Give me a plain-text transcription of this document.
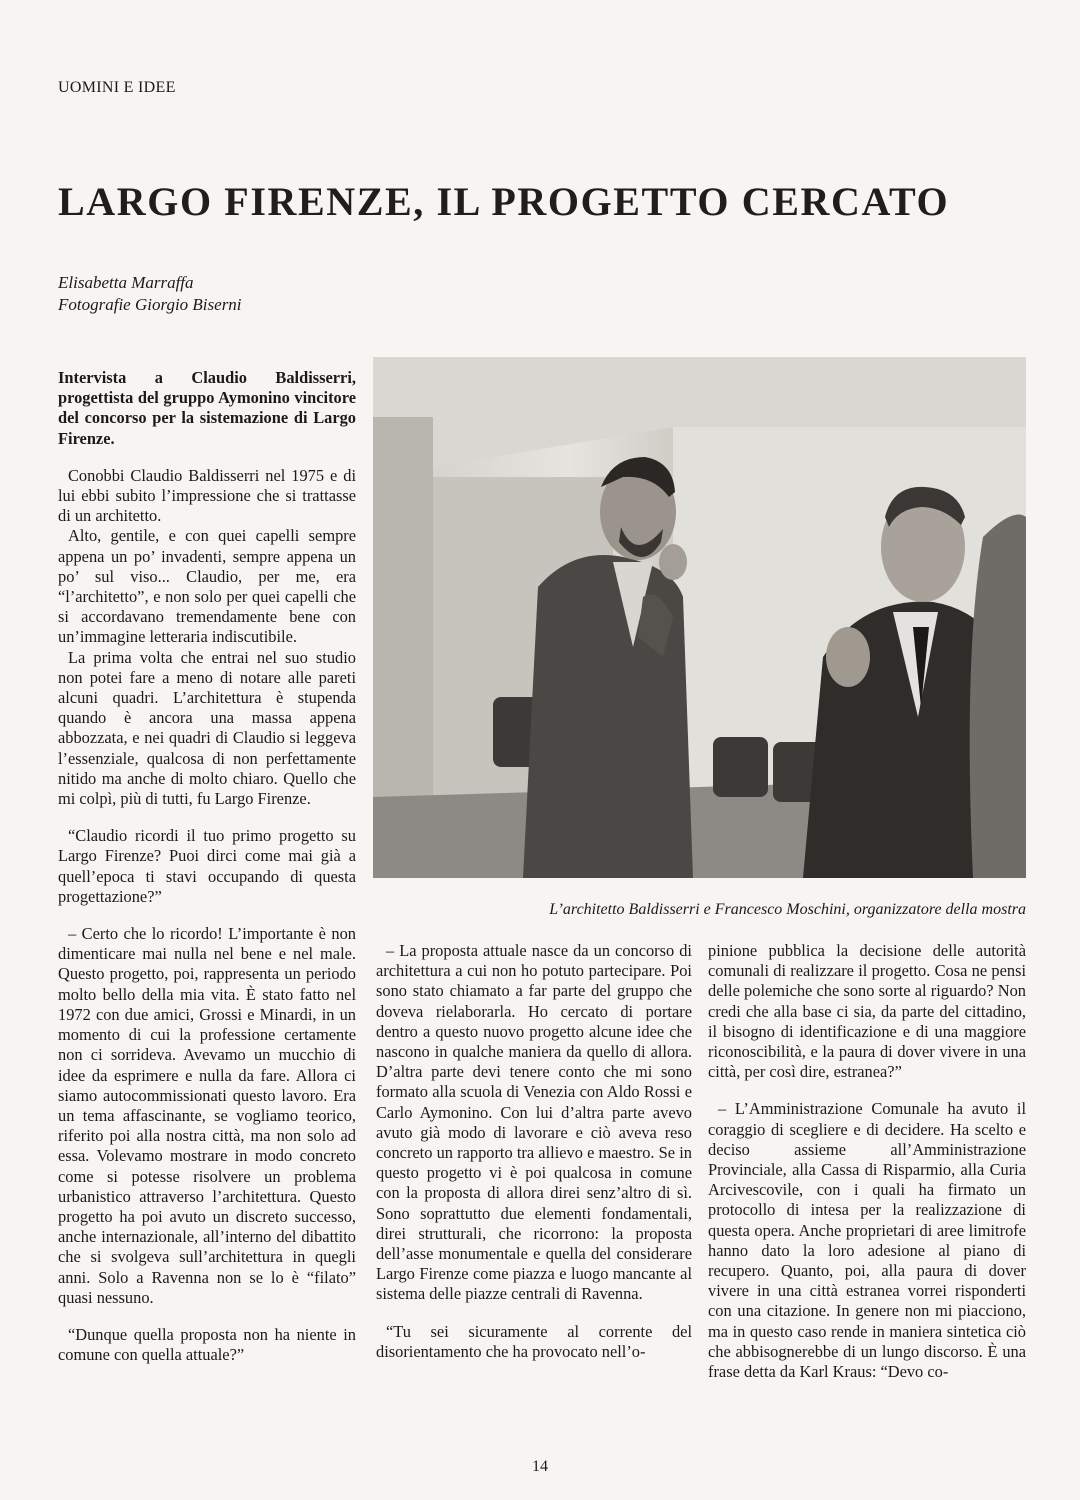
UOMINI E IDEE
LARGO FIRENZE, IL PROGETTO CERCATO
Elisabetta Marraffa
Fotografie Giorgio Biserni

Intervista a Claudio Baldisserri, progettista del gruppo Aymonino vincitore del concorso per la sistemazione di Largo Firenze.

Conobbi Claudio Baldisserri nel 1975 e di lui ebbi subito l’impressione che si trattasse di un architetto.

Alto, gentile, e con quei capelli sempre appena un po’ invadenti, sempre appena un po’ sul viso... Claudio, per me, era “l’architetto”, e non solo per quei capelli che si accordavano tremendamente bene con un’immagine letteraria indiscutibile.

La prima volta che entrai nel suo studio non potei fare a meno di notare alle pareti alcuni quadri. L’architettura è stupenda quando è ancora una massa appena abbozzata, e nei quadri di Claudio si leggeva l’essenziale, qualcosa di non perfettamente nitido ma anche di molto chiaro. Quello che mi colpì, più di tutti, fu Largo Firenze.

“Claudio ricordi il tuo primo progetto su Largo Firenze? Puoi dirci come mai già a quell’epoca ti stavi occupando di questa progettazione?”

– Certo che lo ricordo! L’importante è non dimenticare mai nulla nel bene e nel male. Questo progetto, poi, rappresenta un periodo molto bello della mia vita. È stato fatto nel 1972 con due amici, Grossi e Minardi, in un momento di cui la professione certamente non ci sorrideva. Avevamo un mucchio di idee da esprimere e nulla da fare. Allora ci siamo autocommissionati questo lavoro. Era un tema affascinante, se vogliamo teorico, riferito poi alla nostra città, ma non solo ad essa. Volevamo mostrare in modo concreto come si potesse risolvere un problema urbanistico attraverso l’architettura. Questo progetto ha poi avuto un discreto successo, anche internazionale, all’interno del dibattito che si svolgeva sull’architettura in quegli anni. Solo a Ravenna non se lo è “filato” quasi nessuno.

“Dunque quella proposta non ha niente in comune con quella attuale?”

L’architetto Baldisserri e Francesco Moschini, organizzatore della mostra

– La proposta attuale nasce da un concorso di architettura a cui non ho potuto partecipare. Poi sono stato chiamato a far parte del gruppo che doveva rielaborarla. Ho cercato di portare dentro a questo nuovo progetto alcune idee che nascono in qualche maniera da quello di allora. D’altra parte devi tenere conto che mi sono formato alla scuola di Venezia con Aldo Rossi e Carlo Aymonino. Con lui d’altra parte avevo avuto già modo di lavorare e ciò aveva reso concreto un rapporto tra allievo e maestro. Se in questo progetto vi è poi qualcosa in comune con la proposta di allora direi senz’altro di sì. Sono soprattutto due elementi fondamentali, direi strutturali, che ricorrono: la proposta dell’asse monumentale e quella del considerare Largo Firenze come piazza e luogo mancante al sistema delle piazze centrali di Ravenna.

“Tu sei sicuramente al corrente del disorientamento che ha provocato nell’o-

pinione pubblica la decisione delle autorità comunali di realizzare il progetto. Cosa ne pensi delle polemiche che sono sorte al riguardo? Non credi che alla base ci sia, da parte del cittadino, il bisogno di identificazione e di una maggiore riconoscibilità, e la paura di dover vivere in una città, per così dire, estranea?”

– L’Amministrazione Comunale ha avuto il coraggio di scegliere e di decidere. Ha scelto e deciso assieme all’Amministrazione Provinciale, alla Cassa di Risparmio, alla Curia Arcivescovile, con i quali ha firmato un protocollo di intesa per la realizzazione di questa opera. Anche proprietari di aree limitrofe hanno dato la loro adesione al piano di recupero. Quanto, poi, alla paura di dover vivere in una città estranea vorrei risponderti con una citazione. In genere non mi piacciono, ma in questo caso rende in maniera sintetica ciò che abbisognerebbe di un lungo discorso. È una frase detta da Karl Kraus: “Devo co-

14
